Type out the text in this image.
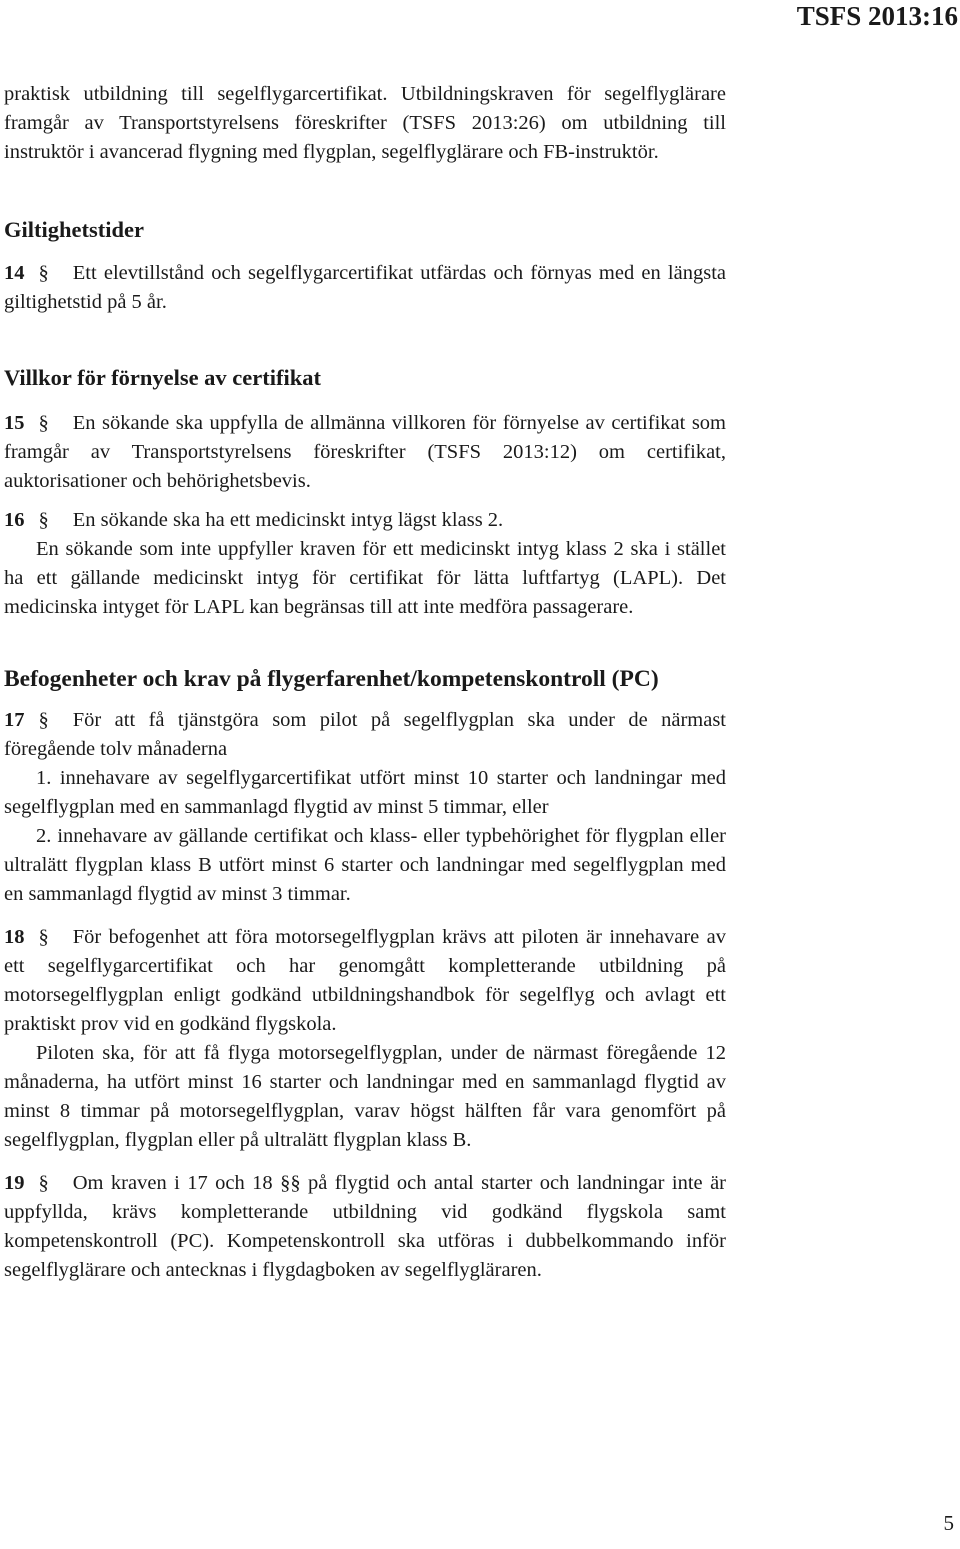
TSFS 2013:16

praktisk utbildning till segelflygarcertifikat. Utbildningskraven för segelflyglärare framgår av Transportstyrelsens föreskrifter (TSFS 2013:26) om utbildning till instruktör i avancerad flygning med flygplan, segelflyglärare och FB-instruktör.

Giltighetstider

14 § Ett elevtillstånd och segelflygarcertifikat utfärdas och förnyas med en längsta giltighetstid på 5 år.

Villkor för förnyelse av certifikat

15 § En sökande ska uppfylla de allmänna villkoren för förnyelse av certifikat som framgår av Transportstyrelsens föreskrifter (TSFS 2013:12) om certifikat, auktorisationer och behörighetsbevis.

16 § En sökande ska ha ett medicinskt intyg lägst klass 2.

En sökande som inte uppfyller kraven för ett medicinskt intyg klass 2 ska i stället ha ett gällande medicinskt intyg för certifikat för lätta luftfartyg (LAPL). Det medicinska intyget för LAPL kan begränsas till att inte medföra passagerare.

Befogenheter och krav på flygerfarenhet/kompetenskontroll (PC)

17 § För att få tjänstgöra som pilot på segelflygplan ska under de närmast föregående tolv månaderna

1. innehavare av segelflygarcertifikat utfört minst 10 starter och landningar med segelflygplan med en sammanlagd flygtid av minst 5 timmar, eller

2. innehavare av gällande certifikat och klass- eller typbehörighet för flygplan eller ultralätt flygplan klass B utfört minst 6 starter och landningar med segelflygplan med en sammanlagd flygtid av minst 3 timmar.

18 § För befogenhet att föra motorsegelflygplan krävs att piloten är innehavare av ett segelflygarcertifikat och har genomgått kompletterande utbildning på motorsegelflygplan enligt godkänd utbildningshandbok för segelflyg och avlagt ett praktiskt prov vid en godkänd flygskola.

Piloten ska, för att få flyga motorsegelflygplan, under de närmast föregående 12 månaderna, ha utfört minst 16 starter och landningar med en sammanlagd flygtid av minst 8 timmar på motorsegelflygplan, varav högst hälften får vara genomfört på segelflygplan, flygplan eller på ultralätt flygplan klass B.

19 § Om kraven i 17 och 18 §§ på flygtid och antal starter och landningar inte är uppfyllda, krävs kompletterande utbildning vid godkänd flygskola samt kompetenskontroll (PC). Kompetenskontroll ska utföras i dubbelkommando inför segelflyglärare och antecknas i flygdagboken av segelflygläraren.

5
